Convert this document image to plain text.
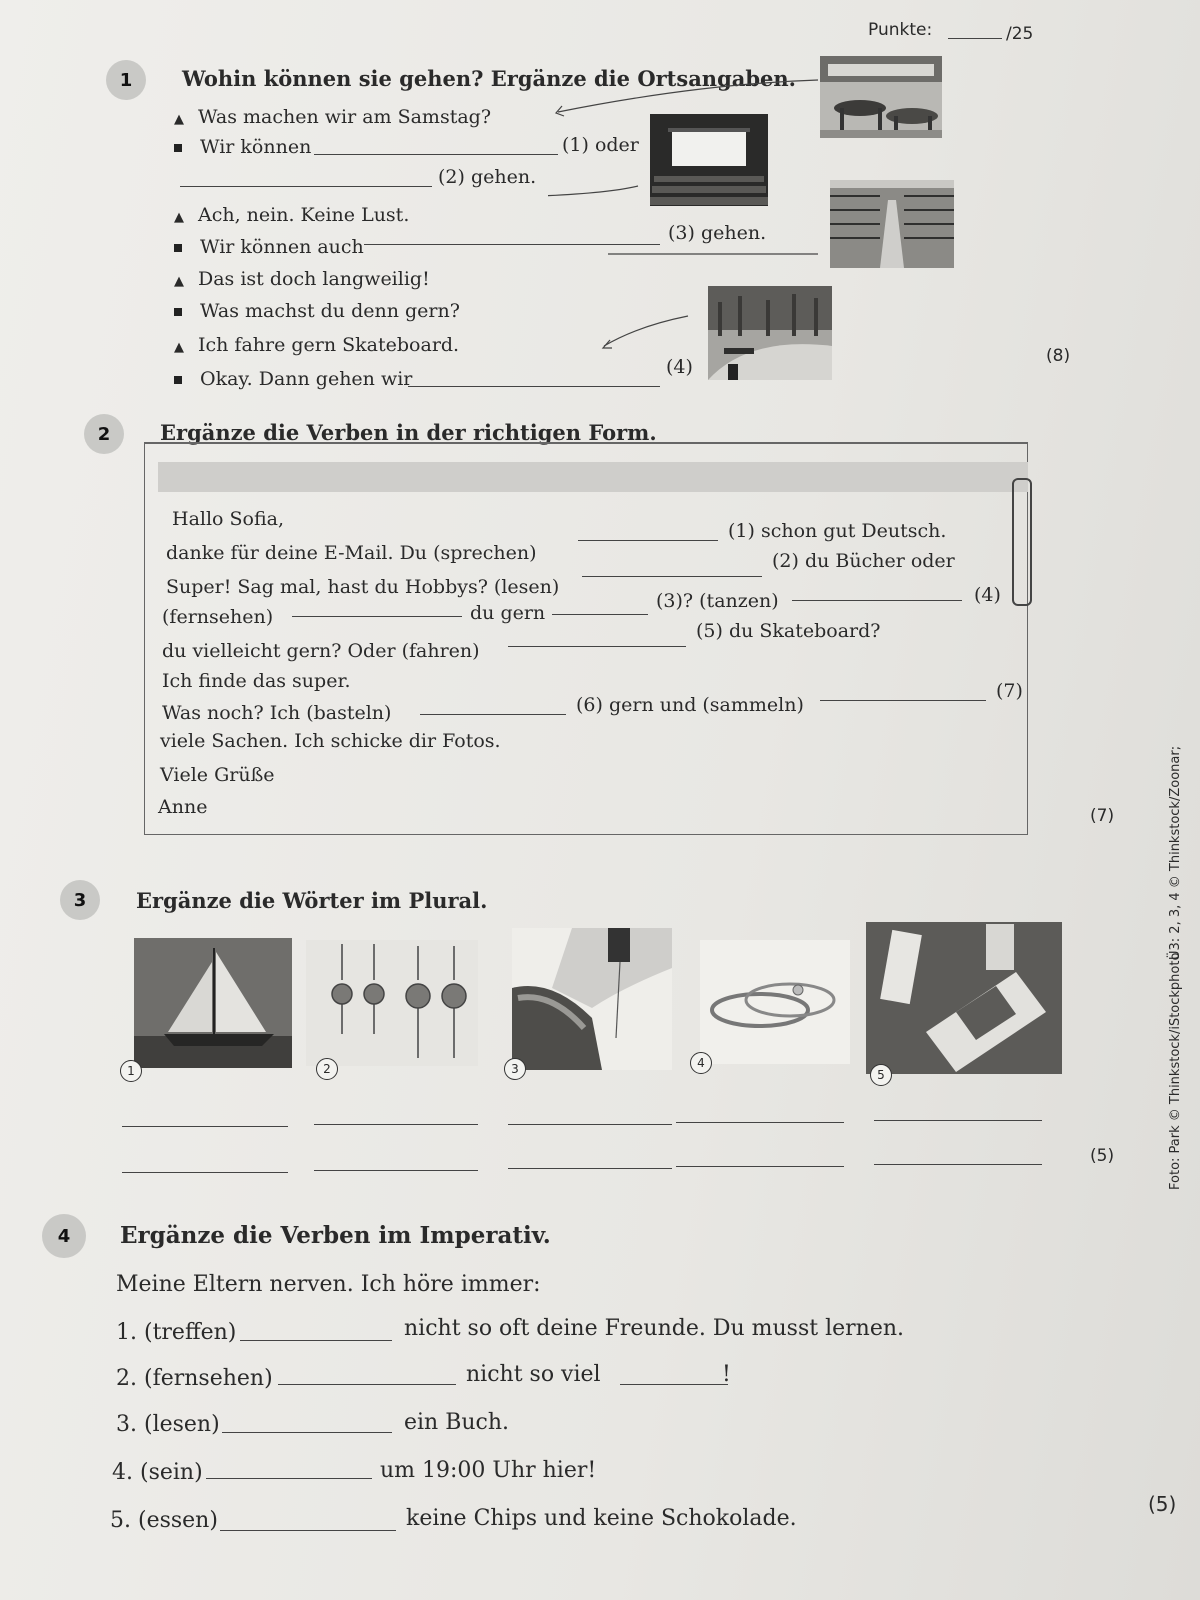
Punkte:	/25
1	Wohin können sie gehen? Ergänze die Ortsangaben.
▲ Was machen wir am Samstag?
Wir können	(1) oder
(2) gehen.
▲ Ach, nein. Keine Lust.
Wir können auch
(3) gehen.
▲ Das ist doch langweilig!
Was machst du denn gern?
▲ Ich fahre gern Skateboard.
Okay. Dann gehen wir
(4)	(8)
2	Ergänze die Verben in der richtigen Form.
Hallo Sofia,
danke für deine E-Mail. Du (sprechen)
(1) schon gut Deutsch.
Super! Sag mal, hast du Hobbys? (lesen)
(2) du Bücher oder
(fernsehen)	du gern
(3)? (tanzen)	(4)
du vielleicht gern? Oder (fahren)
(5) du Skateboard?
Ich finde das super.
Was noch? Ich (basteln)	(6) gern und (sammeln)
(7)
viele Sachen. Ich schicke dir Fotos.
Viele Grüße
Anne	(7)
3	Ergänze die Wörter im Plural.
1	2	3	4
5
(5)
4	Ergänze die Verben im Imperativ.
Meine Eltern nerven. Ich höre immer:
1. (treffen)	nicht so oft deine Freunde. Du musst lernen.
2. (fernsehen)	nicht so viel	!
3. (lesen)	ein Buch.
4. (sein)	um 19:00 Uhr hier!
5. (essen)	keine Chips und keine Schokolade.
(5)
Foto: Park © Thinkstock/iStockphoto
Ü3: 2, 3, 4 © Thinkstock/Zoonar;
